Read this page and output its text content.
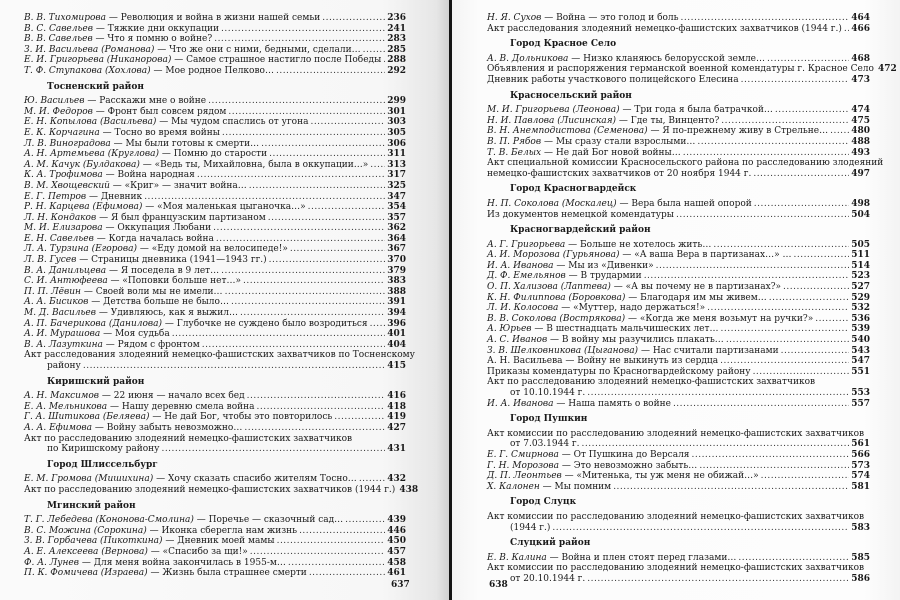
В. В. Тихомирова — Революция и война в жизни нашей семьи .....	236
В. С. Савельев — Тяжкие дни оккупации .....	241
В. В. Савельев — Что я помню о войне? .....	283
З. И. Васильева (Романова) — Что же они с ними, бедными, сделали… .....	285
Е. И. Григорьева (Никанорова) — Самое страшное настигло после Победы ..... 288
Т. Ф. Ступакова (Хохлова) — Мое родное Пелково… .....	292
Тосненский район
Ю. Васильев — Расскажи мне о войне .....	299
М. И. Федоров — Фронт был совсем рядом .....	301
Е. Н. Копылова (Васильева) — Мы чудом спаслись от угона .....	303
Е. К. Корчагина — Тосно во время войны .....	305
Л. В. Виноградова — Мы были готовы к смерти… .....	306
А. Н. Артемьева (Круглова) — Помню до старости .....	311
А. М. Качук (Булдакова) — «Ведь ты, Михайловна, была в оккупации…» ..... 313
К. А. Трофимова — Война народная .....	317
В. М. Хвощевский — «Криг» — значит война… .....	325
Е. Г. Петров — Дневник .....	347
Р. Н. Карцева (Ефимова) — «Моя маленькая цыганочка…» .....	354
Л. Н. Кондаков — Я был французским партизаном .....	357
М. И. Елизарова — Оккупация Любани .....	362
Е. Н. Савельев — Когда началась война .....	364
Л. А. Турзина (Егорова) — «Еду домой на велосипеде!» .....	367
Л. В. Гусев — Страницы дневника (1941—1943 гг.) .....	370
В. А. Данильцева — Я поседела в 9 лет… .....	379
С. И. Антюфеева — «Поповки больше нет…» .....	383
П. П. Лёвин — Своей воли мы не имели… .....	388
А. А. Бисиков — Детства больше не было… .....	391
М. Д. Васильев — Удивляюсь, как я выжил… .....	394
А. П. Бачерикова (Данилова) — Глубочке не суждено было возродиться ..... 396
А. И. Мурашова — Моя судьба .....	401
В. А. Лазуткина — Рядом с фронтом .....	404
Акт расследования злодеяний немецко-фашистских захватчиков по Тосненскому
району .....	415
Киришский район
А. Н. Максимов — 22 июня — начало всех бед .....	416
Е. А. Мельникова — Нашу деревню смела война .....	418
Г. А. Шитикова (Беляева) — Не дай Бог, чтобы это повторилось .....	419
А. А. Ефимова — Войну забыть невозможно… .....	427
Акт по расследованию злодеяний немецко-фашистских захватчиков
по Киришскому району .....	431
Город Шлиссельбург
Е. М. Громова (Мишихина) — Хочу сказать спасибо жителям Тосно… .....	432
Акт по расследованию злодеяний немецко-фашистских захватчиков (1944 г.) 438
Мгинский район
Т. Г. Лебедева (Кононова-Смолина) — Поречье — сказочный сад… .....	439
В. С. Можина (Сорокина) — Иконка сберегла нам жизнь .....	446
З. В. Горбачева (Пикоткина) — Дневник моей мамы .....	450
А. Е. Алексеева (Вернова) — «Спасибо за щи!» .....	457
Ф. А. Лунев — Для меня война закончилась в 1955-м… .....	458
П. К. Фомичева (Израева) — Жизнь была страшнее смерти .....	461
637
Н. Я. Сухов — Война — это голод и боль .....	464
Акт расследования злодеяний немецко-фашистских захватчиков (1944 г.) ..... 466
Город Красное Село
А. В. Дольникова — Низко кланяюсь белорусской земле… .....	468
Объявления и распоряжения германской военной комендатуры г. Красное Село 472
Дневник работы участкового полицейского Елесина .....	473
Красносельский район
М. И. Григорьева (Леонова) — Три года я была батрачкой… .....	474
Н. И. Павлова (Лисинская) — Где ты, Винценто? .....	475
В. Н. Анемподистова (Семенова) — Я по-прежнему живу в Стрельне… .....	480
В. П. Рябов — Мы сразу стали взрослыми… .....	488
Т. В. Белых — Не дай Бог новой войны… .....	493
Акт специальной комиссии Красносельского района по расследованию злодеяний
немецко-фашистских захватчиков от 20 ноября 1944 г. .....	497
Город Красногвардейск
Н. П. Соколова (Москалец) — Вера была нашей опорой .....	498
Из документов немецкой комендатуры .....	504
Красногвардейский район
А. Г. Григорьева — Больше не хотелось жить… .....	505
А. И. Морозова (Гурьянова) — «А ваша Вера в партизанах…» … .....	511
И. А. Иванова — Мы из «Дивенки» .....	514
Д. Ф. Емельянов — В трудармии .....	523
О. П. Хализова (Лаптева) — «А вы почему не в партизанах?» .....	527
К. Н. Филиппова (Боровкова) — Благодаря им мы живем… .....	529
Л. И. Колосова — «Муттер, надо держаться!» .....	532
В. В. Соколова (Вострякова) — «Когда же меня возьмут на ручки?» .....	536
А. Юрьев — В шестнадцать мальчишеских лет… .....	539
А. С. Иванов — В войну мы разучились плакать… .....	540
З. В. Шелковникова (Цыганова) — Нас считали партизанами .....	543
А. Н. Васильева — Войну не выкинуть из сердца .....	547
Приказы комендатуры по Красногвардейскому району .....	551
Акт по расследованию злодеяний немецко-фашистских захватчиков
от 10.10.1944 г. .....	553
И. А. Иванова — Наша память о войне .....	557
Город Пушкин
Акт комиссии по расследованию злодеяний немецко-фашистских захватчиков
от 7.03.1944 г. .....	561
Е. Г. Смирнова — От Пушкина до Версаля .....	566
Г. Н. Морозова — Это невозможно забыть… .....	573
Д. П. Леонтьев — «Митенька, ты уж меня не обижай…» .....	574
Х. Калонен — Мы помним .....	581
Город Слуцк
Акт комиссии по расследованию злодеяний немецко-фашистских захватчиков
(1944 г.) .....	583
Слуцкий район
Е. В. Калина — Война и плен стоят перед глазами… .....	585
Акт комиссии по расследованию злодеяний немецко-фашистских захватчиков
от 20.10.1944 г. .....	586
638
